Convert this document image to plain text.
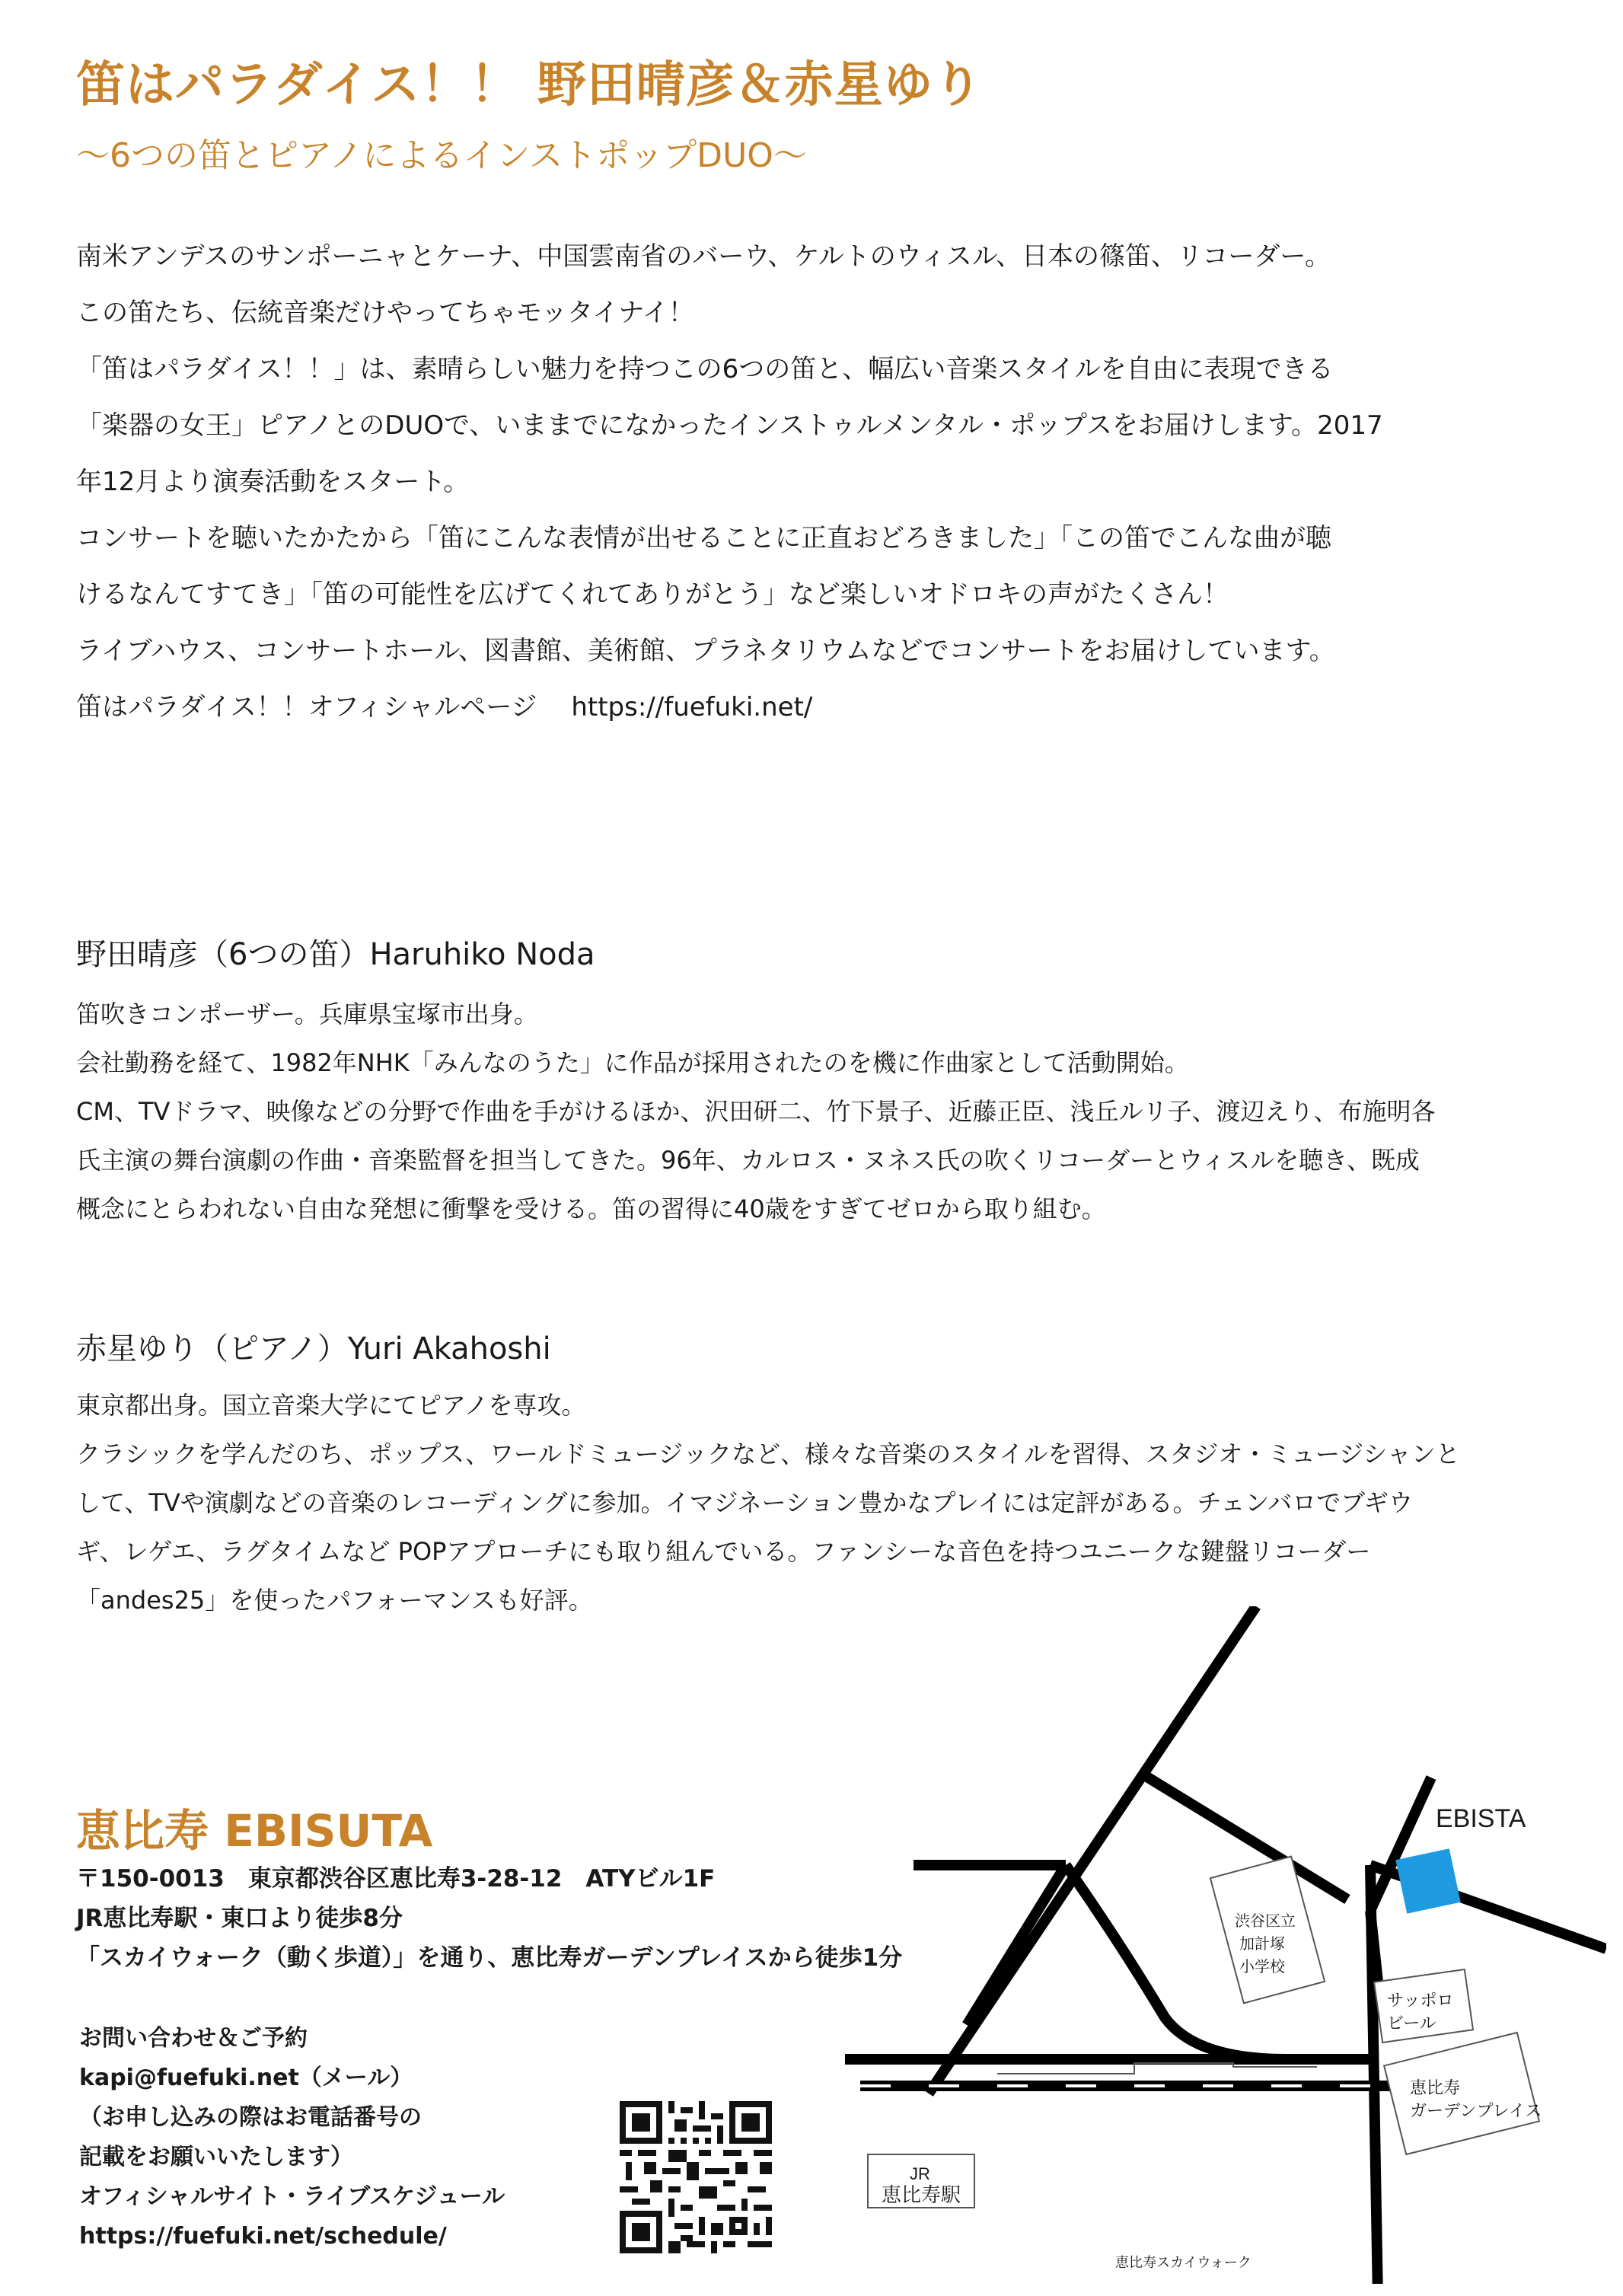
笛はパラダイス！！ 野田晴彦＆赤星ゆり
～6つの笛とピアノによるインストポップDUO～

南米アンデスのサンポーニャとケーナ、中国雲南省のバーウ、ケルトのウィスル、日本の篠笛、リコーダー。

この笛たち、伝統音楽だけやってちゃモッタイナイ！

「笛はパラダイス！！」は、素晴らしい魅力を持つこの6つの笛と、幅広い音楽スタイルを自由に表現できる

「楽器の女王」ピアノとのDUOで、いままでになかったインストゥルメンタル・ポップスをお届けします。2017

年12月より演奏活動をスタート。

コンサートを聴いたかたから「笛にこんな表情が出せることに正直おどろきました」「この笛でこんな曲が聴

けるなんてすてき」「笛の可能性を広げてくれてありがとう」など楽しいオドロキの声がたくさん！

ライブハウス、コンサートホール、図書館、美術館、プラネタリウムなどでコンサートをお届けしています。

笛はパラダイス！！オフィシャルページ　 https://fuefuki.net/

野田晴彦（6つの笛）Haruhiko Noda

笛吹きコンポーザー。兵庫県宝塚市出身。

会社勤務を経て、1982年NHK「みんなのうた」に作品が採用されたのを機に作曲家として活動開始。

CM、TVドラマ、映像などの分野で作曲を手がけるほか、沢田研二、竹下景子、近藤正臣、浅丘ルリ子、渡辺えり、布施明各

氏主演の舞台演劇の作曲・音楽監督を担当してきた。96年、カルロス・ヌネス氏の吹くリコーダーとウィスルを聴き、既成

概念にとらわれない自由な発想に衝撃を受ける。笛の習得に40歳をすぎてゼロから取り組む。

赤星ゆり（ピアノ）Yuri Akahoshi

東京都出身。国立音楽大学にてピアノを専攻。

クラシックを学んだのち、ポップス、ワールドミュージックなど、様々な音楽のスタイルを習得、スタジオ・ミュージシャンと

して、TVや演劇などの音楽のレコーディングに参加。イマジネーション豊かなプレイには定評がある。チェンバロでブギウ

ギ、レゲエ、ラグタイムなど POPアプローチにも取り組んでいる。ファンシーな音色を持つユニークな鍵盤リコーダー

「andes25」を使ったパフォーマンスも好評。

恵比寿 EBISUTA

〒150-0013　東京都渋谷区恵比寿3-28-12　ATYビル1F

JR恵比寿駅・東口より徒歩8分

「スカイウォーク（動く歩道）」を通り、恵比寿ガーデンプレイスから徒歩1分

お問い合わせ＆ご予約

kapi@fuefuki.net（メール）

（お申し込みの際はお電話番号の

記載をお願いいたします）

オフィシャルサイト・ライブスケジュール

https://fuefuki.net/schedule/

EBISTA
渋谷区立
加計塚
小学校
サッポロ
ビール
恵比寿
ガーデンプレイス
JR
恵比寿駅
恵比寿スカイウォーク
